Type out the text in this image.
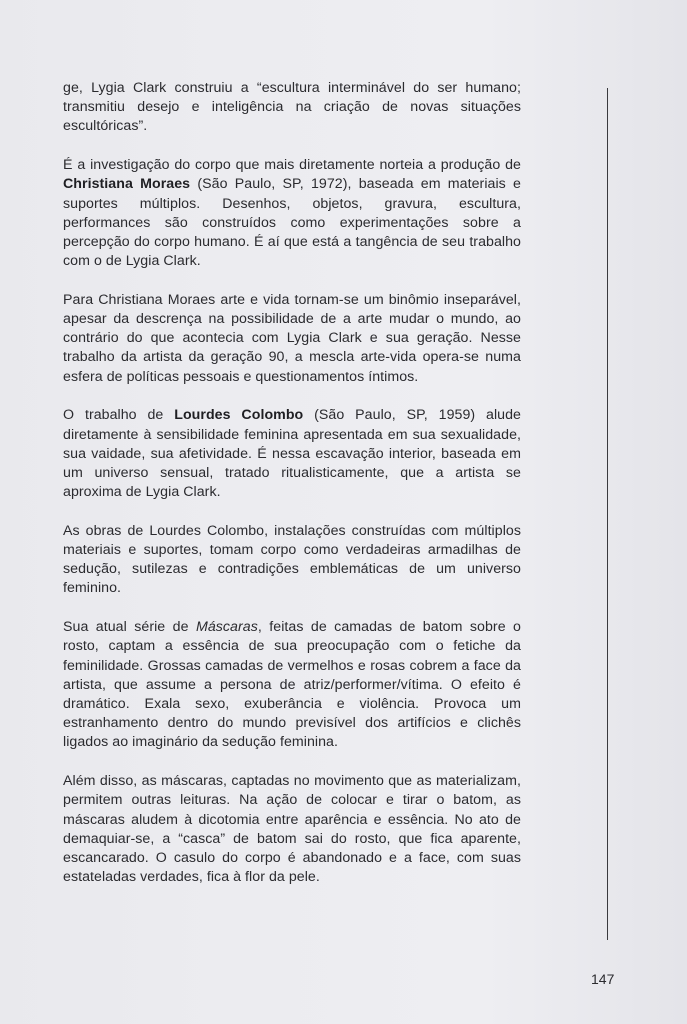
ge, Lygia Clark construiu a “escultura interminável do ser humano; transmitiu desejo e inteligência na criação de novas situações escultóricas”.

É a investigação do corpo que mais diretamente norteia a produção de Christiana Moraes (São Paulo, SP, 1972), baseada em materiais e suportes múltiplos. Desenhos, objetos, gravura, escultura, performances são construídos como experimentações sobre a percepção do corpo humano. É aí que está a tangência de seu trabalho com o de Lygia Clark.

Para Christiana Moraes arte e vida tornam-se um binômio inseparável, apesar da descrença na possibilidade de a arte mudar o mundo, ao contrário do que acontecia com Lygia Clark e sua geração. Nesse trabalho da artista da geração 90, a mescla arte-vida opera-se numa esfera de políticas pessoais e questionamentos íntimos.

O trabalho de Lourdes Colombo (São Paulo, SP, 1959) alude diretamente à sensibilidade feminina apresentada em sua sexualidade, sua vaidade, sua afetividade. É nessa escavação interior, baseada em um universo sensual, tratado ritualisticamente, que a artista se aproxima de Lygia Clark.

As obras de Lourdes Colombo, instalações construídas com múltiplos materiais e suportes, tomam corpo como verdadeiras armadilhas de sedução, sutilezas e contradições emblemáticas de um universo feminino.

Sua atual série de Máscaras, feitas de camadas de batom sobre o rosto, captam a essência de sua preocupação com o fetiche da feminilidade. Grossas camadas de vermelhos e rosas cobrem a face da artista, que assume a persona de atriz/performer/vítima. O efeito é dramático. Exala sexo, exuberância e violência. Provoca um estranhamento dentro do mundo previsível dos artifícios e clichês ligados ao imaginário da sedução feminina.

Além disso, as máscaras, captadas no movimento que as materializam, permitem outras leituras. Na ação de colocar e tirar o batom, as máscaras aludem à dicotomia entre aparência e essência. No ato de demaquiar-se, a “casca” de batom sai do rosto, que fica aparente, escancarado. O casulo do corpo é abandonado e a face, com suas estateladas verdades, fica à flor da pele.

147
